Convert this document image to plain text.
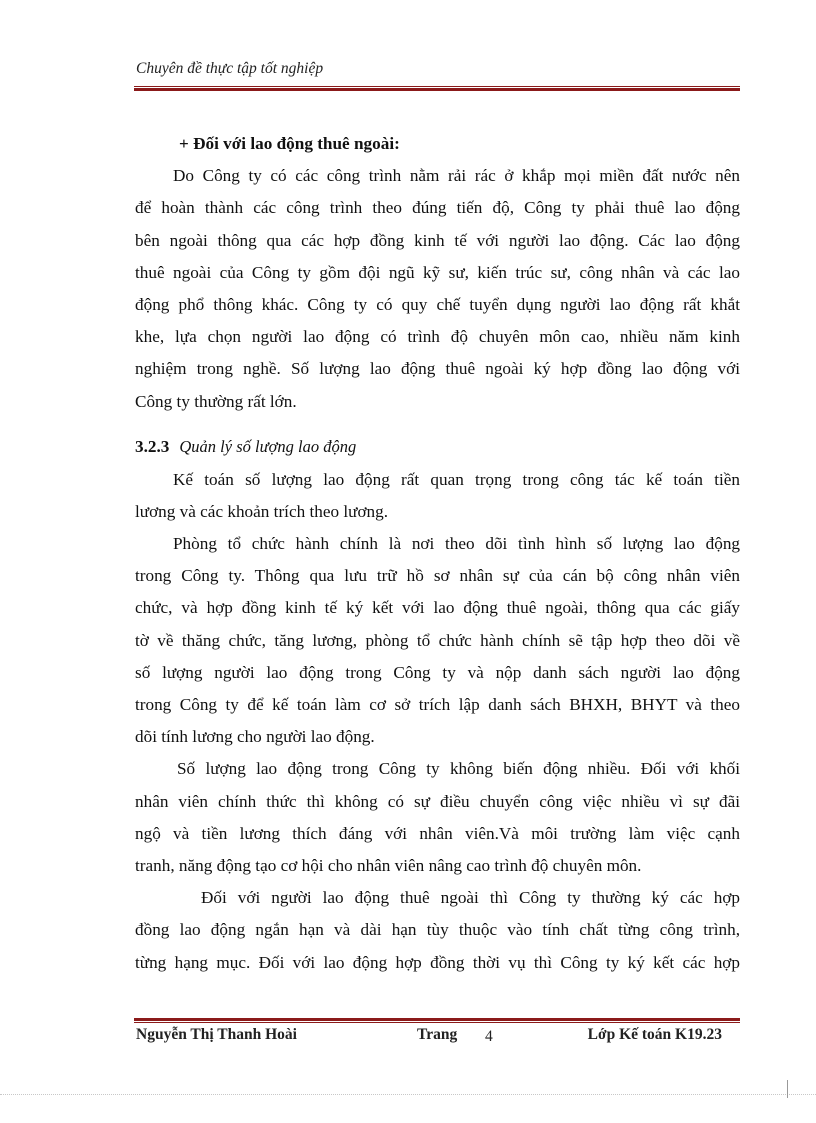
Chuyên đề thực tập tốt nghiệp
+ Đối với lao động thuê ngoài:
Do Công ty có các công trình nằm rải rác ở khắp mọi miền đất nước nên
để hoàn thành các công trình theo đúng tiến độ, Công ty phải thuê lao động
bên ngoài thông qua các hợp đồng kinh tế với người lao động. Các lao động
thuê ngoài của Công ty gồm đội ngũ kỹ sư, kiến trúc sư, công nhân và các lao
động phổ thông khác. Công ty có quy chế tuyển dụng người lao động rất khắt
khe, lựa chọn người lao động có trình độ chuyên môn cao, nhiều năm kinh
nghiệm trong nghề. Số lượng lao động thuê ngoài ký hợp đồng lao động với
Công ty thường rất lớn.
3.2.3 Quản lý số lượng lao động
Kế toán số lượng lao động rất quan trọng trong công tác kế toán tiền
lương và các khoản trích theo lương.
Phòng tổ chức hành chính là nơi theo dõi tình hình số lượng lao động
trong Công ty. Thông qua lưu trữ hồ sơ nhân sự của cán bộ công nhân viên
chức, và hợp đồng kinh tế ký kết với lao động thuê ngoài, thông qua các giấy
tờ về thăng chức, tăng lương, phòng tổ chức hành chính sẽ tập hợp theo dõi về
số lượng người lao động trong Công ty và nộp danh sách người lao động
trong Công ty để kế toán làm cơ sở trích lập danh sách BHXH, BHYT và theo
dõi tính lương cho người lao động.
Số lượng lao động trong Công ty không biến động nhiều. Đối với khối
nhân viên chính thức thì không có sự điều chuyển công việc nhiều vì sự đãi
ngộ và tiền lương thích đáng với nhân viên.Và môi trường làm việc cạnh
tranh, năng động tạo cơ hội cho nhân viên nâng cao trình độ chuyên môn.
Đối với người lao động thuê ngoài thì Công ty thường ký các hợp
đồng lao động ngắn hạn và dài hạn tùy thuộc vào tính chất từng công trình,
từng hạng mục. Đối với lao động hợp đồng thời vụ thì Công ty ký kết các hợp
Nguyễn Thị Thanh Hoài	Trang 4	Lớp Kế toán K19.23
